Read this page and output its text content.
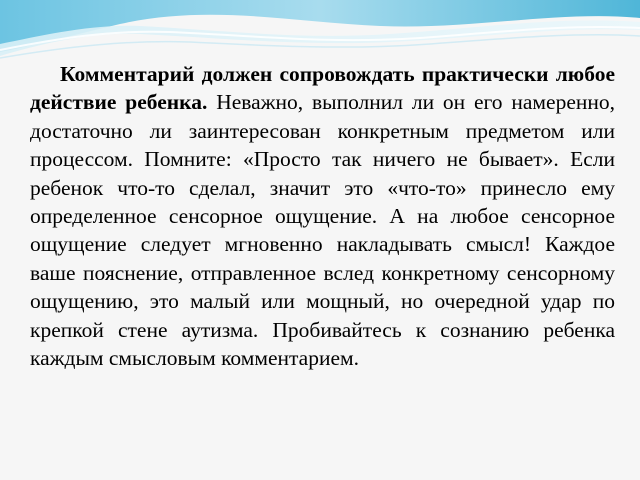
Комментарий должен сопровождать практически любое действие ребенка. Неважно, выполнил ли он его намеренно, достаточно ли заинтересован конкретным предметом или процессом. Помните: «Просто так ничего не бывает». Если ребенок что-то сделал, значит это «что-то» принесло ему определенное сенсорное ощущение. А на любое сенсорное ощущение следует мгновенно накладывать смысл! Каждое ваше пояснение, отправленное вслед конкретному сенсорному ощущению, это малый или мощный, но очередной удар по крепкой стене аутизма. Пробивайтесь к сознанию ребенка каждым смысловым комментарием.
